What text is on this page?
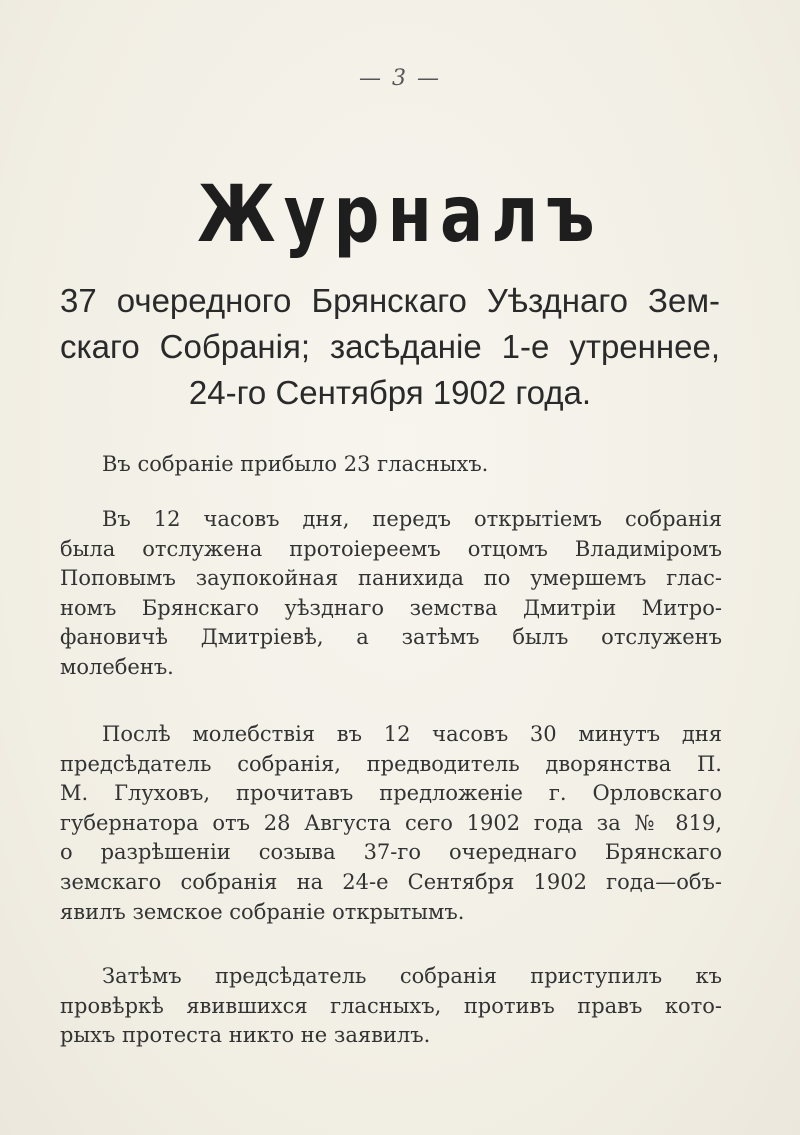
— 3 —
Журналъ
37 очередного Брянскаго Уѣзднаго Зем-
скаго Собранія; засѣданіе 1-е утреннее,
24-го Сентября 1902 года.
Въ собраніе прибыло 23 гласныхъ.
Въ 12 часовъ дня, передъ открытіемъ собранія
была отслужена протоіереемъ отцомъ Владиміромъ
Поповымъ заупокойная панихида по умершемъ глас-
номъ Брянскаго уѣзднаго земства Дмитріи Митро-
фановичѣ Дмитріевѣ, а затѣмъ былъ отслуженъ
молебенъ.
Послѣ молебствія въ 12 часовъ 30 минутъ дня
предсѣдатель собранія, предводитель дворянства П.
М. Глуховъ, прочитавъ предложеніе г. Орловскаго
губернатора отъ 28 Августа сего 1902 года за № 819,
о разрѣшеніи созыва 37-го очереднаго Брянскаго
земскаго собранія на 24-е Сентября 1902 года—объ-
явилъ земское собраніе открытымъ.
Затѣмъ предсѣдатель собранія приступилъ къ
провѣркѣ явившихся гласныхъ, противъ правъ кото-
рыхъ протеста никто не заявилъ.
